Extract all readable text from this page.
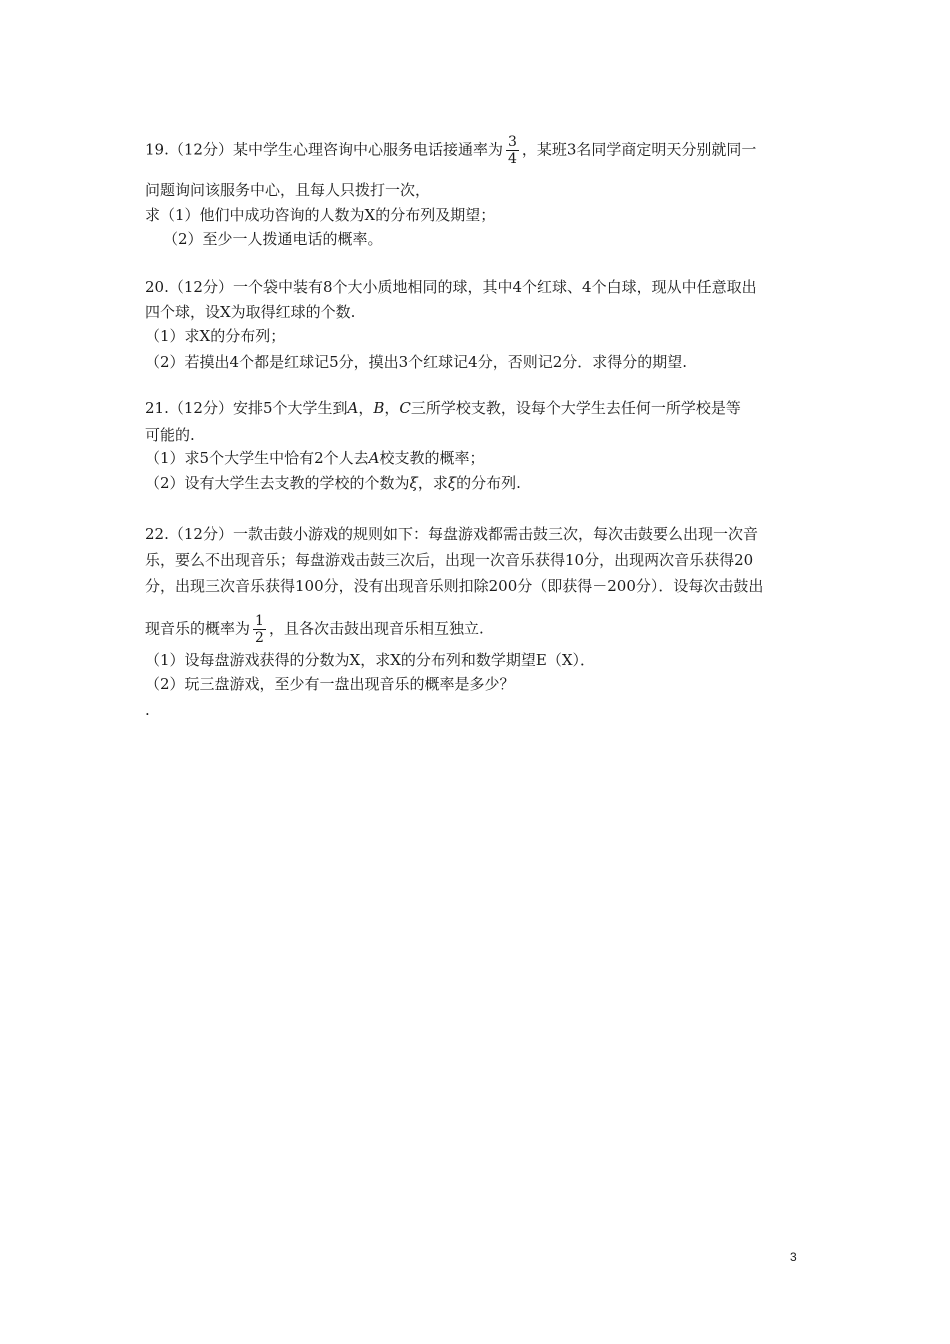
19.（12分）某中学生心理咨询中心服务电话接通率为 $\frac{3}{4}$ ，某班3名同学商定明天分别就同一
问题询问该服务中心，且每人只拨打一次，
求（1）他们中成功咨询的人数为X的分布列及期望；
（2）至少一人拨通电话的概率。
20.（12分）一个袋中装有8个大小质地相同的球，其中4个红球、4个白球，现从中任意取出
四个球，设X为取得红球的个数.
（1）求X的分布列；
（2）若摸出4个都是红球记5分，摸出3个红球记4分，否则记2分．求得分的期望.
21.（12分）安排5个大学生到A，B，C三所学校支教，设每个大学生去任何一所学校是等
可能的.
（1）求5个大学生中恰有2个人去A校支教的概率；
（2）设有大学生去支教的学校的个数为ξ，求ξ的分布列.
22.（12分）一款击鼓小游戏的规则如下：每盘游戏都需击鼓三次，每次击鼓要么出现一次音
乐，要么不出现音乐；每盘游戏击鼓三次后，出现一次音乐获得10分，出现两次音乐获得20
分，出现三次音乐获得100分，没有出现音乐则扣除200分（即获得－200分）．设每次击鼓出
现音乐的概率为 $\frac{1}{2}$ ，且各次击鼓出现音乐相互独立.
（1）设每盘游戏获得的分数为X，求X的分布列和数学期望E（X）．
（2）玩三盘游戏，至少有一盘出现音乐的概率是多少？
.
3
